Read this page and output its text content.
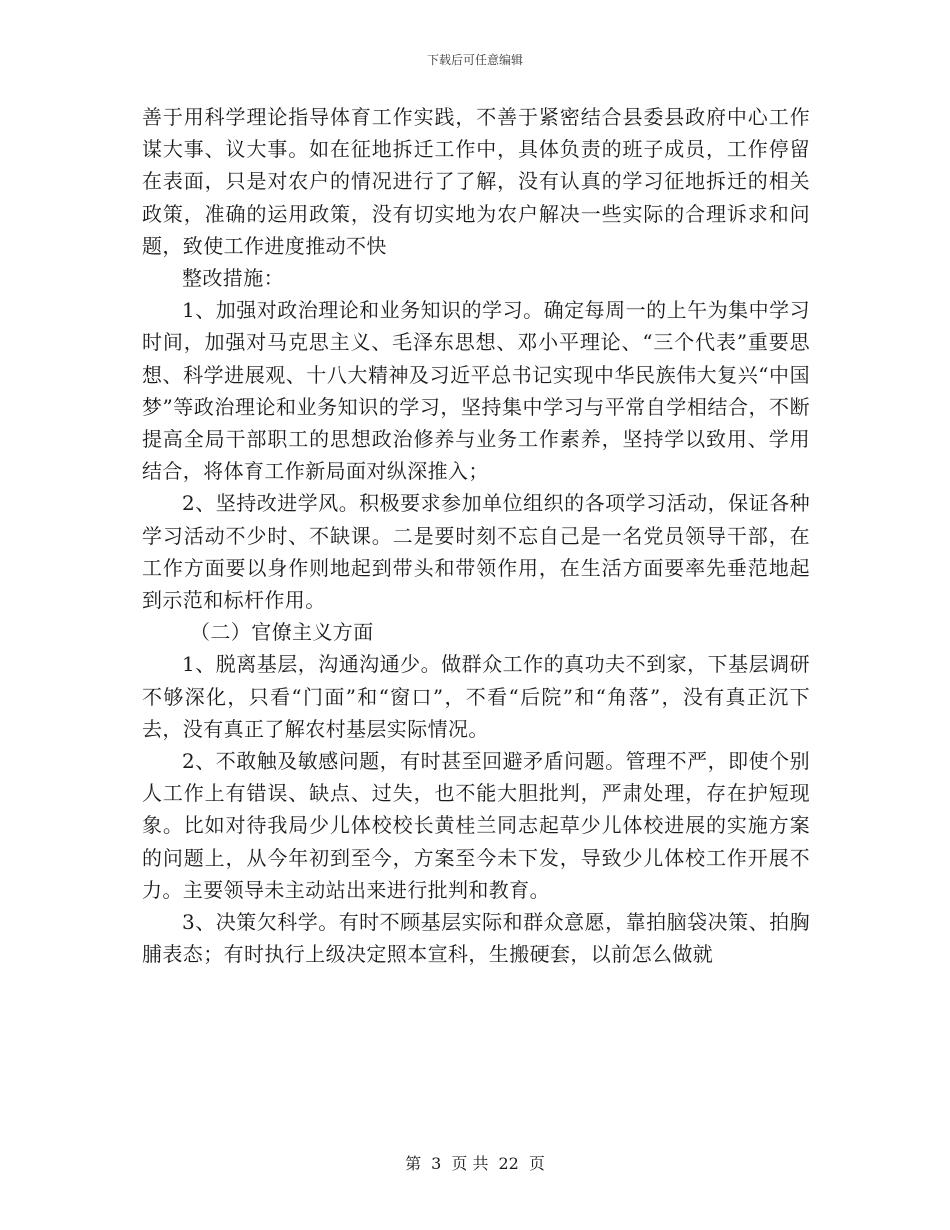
下载后可任意编辑

善于用科学理论指导体育工作实践，不善于紧密结合县委县政府中心工作谋大事、议大事。如在征地拆迁工作中，具体负责的班子成员，工作停留在表面，只是对农户的情况进行了了解，没有认真的学习征地拆迁的相关政策，准确的运用政策，没有切实地为农户解决一些实际的合理诉求和问题，致使工作进度推动不快

整改措施：

1、加强对政治理论和业务知识的学习。确定每周一的上午为集中学习时间，加强对马克思主义、毛泽东思想、邓小平理论、“三个代表”重要思想、科学进展观、十八大精神及习近平总书记实现中华民族伟大复兴“中国梦”等政治理论和业务知识的学习，坚持集中学习与平常自学相结合，不断提高全局干部职工的思想政治修养与业务工作素养，坚持学以致用、学用结合，将体育工作新局面对纵深推入；

2、坚持改进学风。积极要求参加单位组织的各项学习活动，保证各种学习活动不少时、不缺课。二是要时刻不忘自己是一名党员领导干部，在工作方面要以身作则地起到带头和带领作用，在生活方面要率先垂范地起到示范和标杆作用。

（二）官僚主义方面

1、脱离基层，沟通沟通少。做群众工作的真功夫不到家，下基层调研不够深化，只看“门面”和“窗口”，不看“后院”和“角落”，没有真正沉下去，没有真正了解农村基层实际情况。

2、不敢触及敏感问题，有时甚至回避矛盾问题。管理不严，即使个别人工作上有错误、缺点、过失，也不能大胆批判，严肃处理，存在护短现象。比如对待我局少儿体校校长黄桂兰同志起草少儿体校进展的实施方案的问题上，从今年初到至今，方案至今未下发，导致少儿体校工作开展不力。主要领导未主动站出来进行批判和教育。

3、决策欠科学。有时不顾基层实际和群众意愿，靠拍脑袋决策、拍胸脯表态；有时执行上级决定照本宣科，生搬硬套，以前怎么做就

第 3 页 共 22 页
